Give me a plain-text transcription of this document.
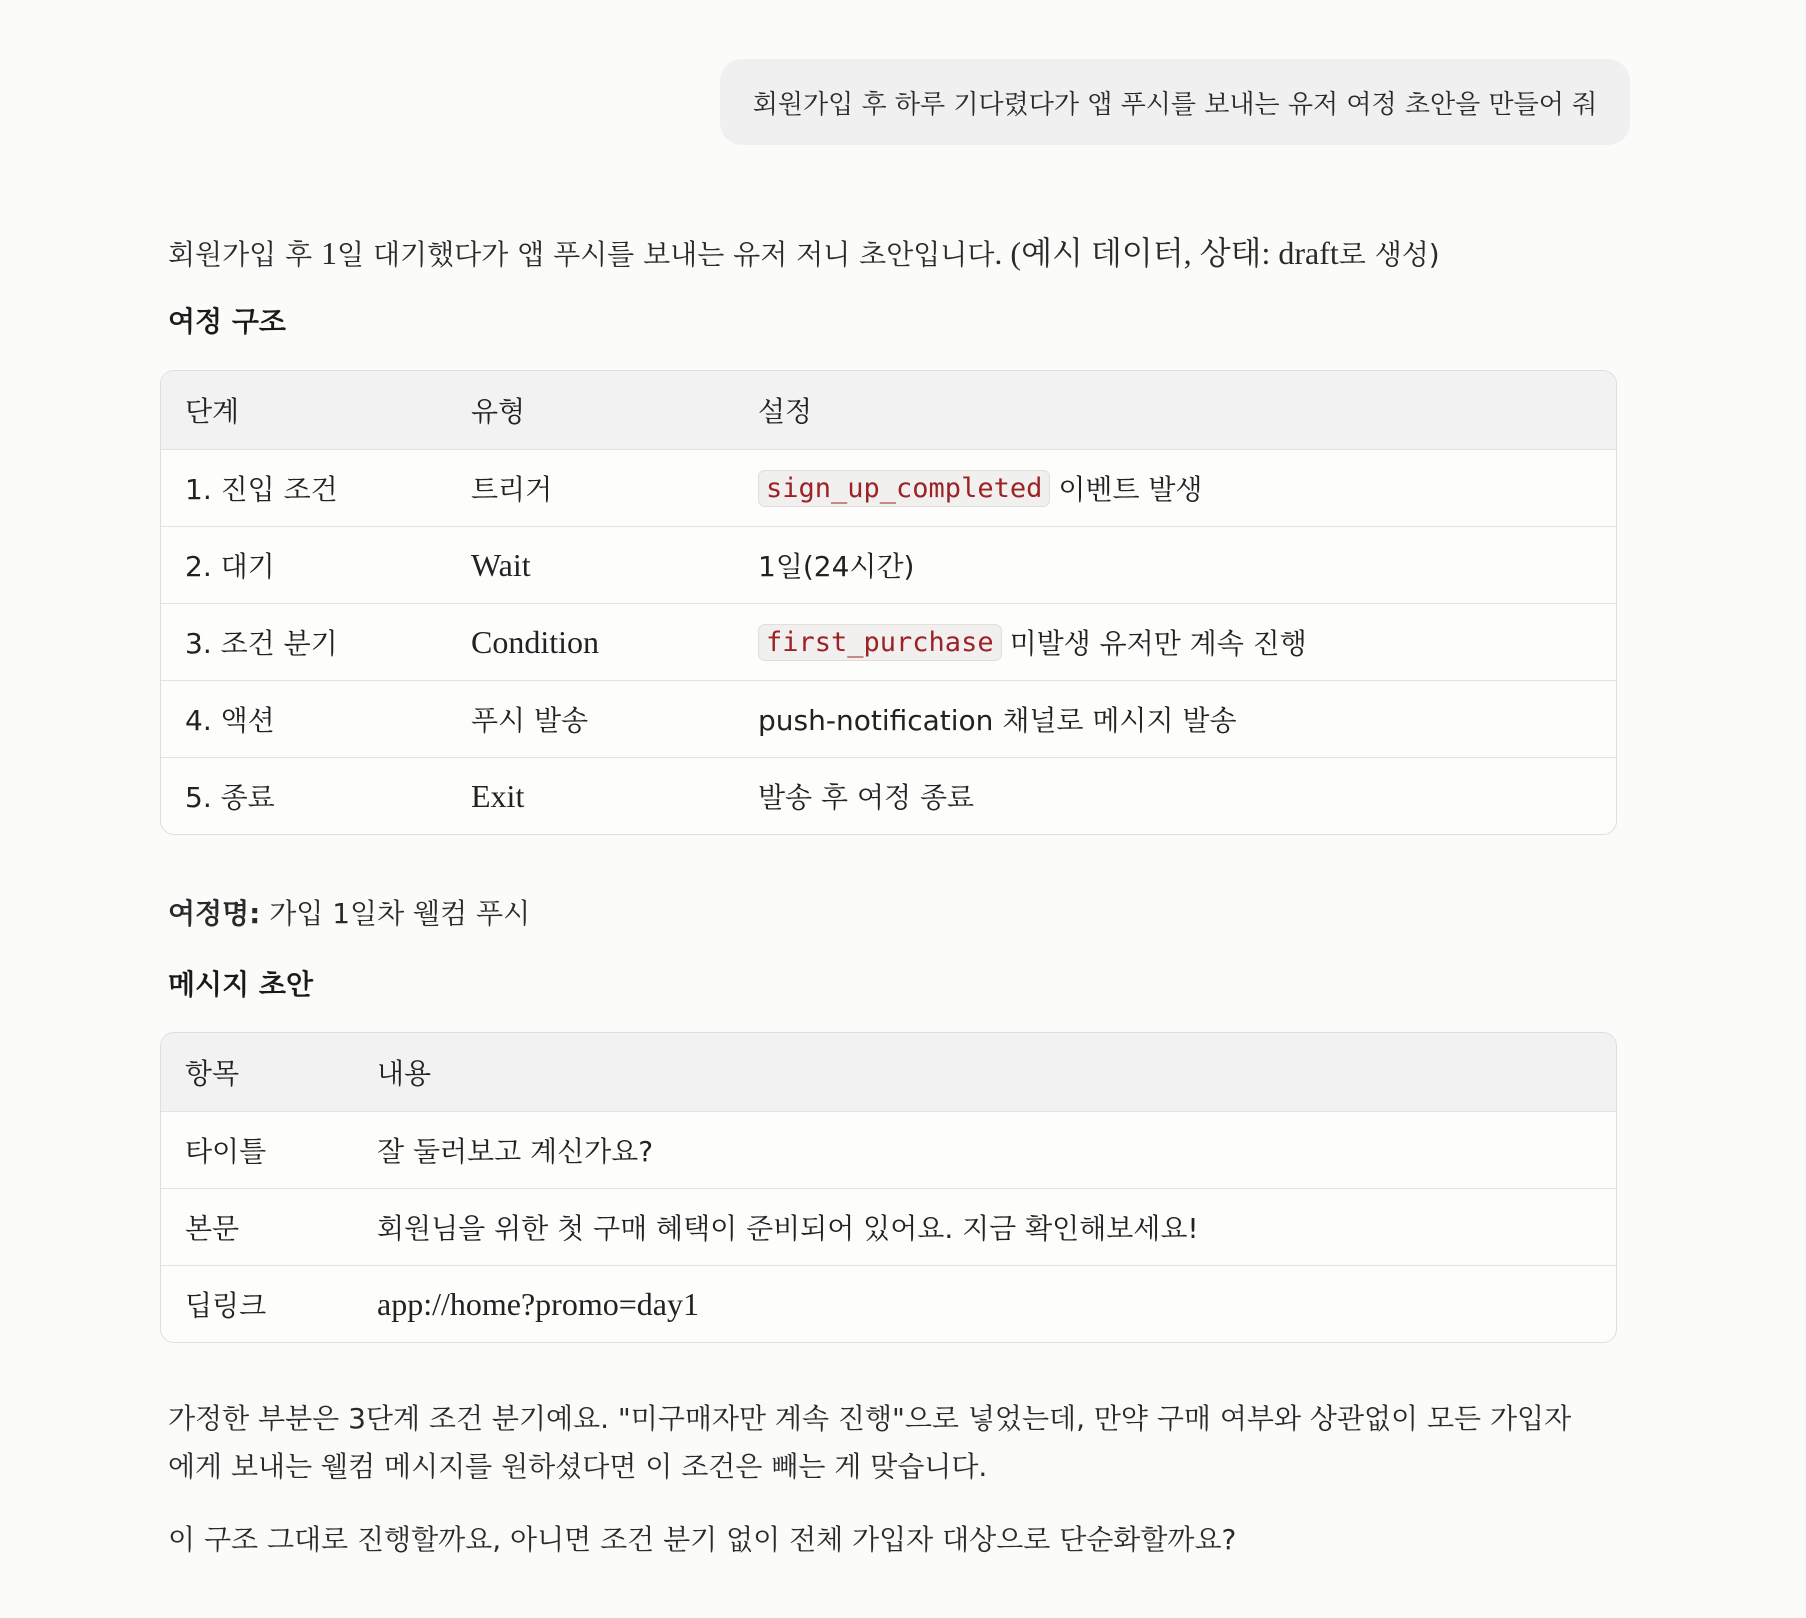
회원가입 후 하루 기다렸다가 앱 푸시를 보내는 유저 여정 초안을 만들어 줘
회원가입 후 1일 대기했다가 앱 푸시를 보내는 유저 저니 초안입니다. (예시 데이터, 상태: draft로 생성)
여정 구조
단계	유형	설정
1. 진입 조건	트리거	sign_up_completed 이벤트 발생
2. 대기	Wait	1일(24시간)
3. 조건 분기	Condition	first_purchase 미발생 유저만 계속 진행
4. 액션	푸시 발송	push-notification 채널로 메시지 발송
5. 종료	Exit	발송 후 여정 종료
여정명: 가입 1일차 웰컴 푸시
메시지 초안
항목	내용
타이틀	잘 둘러보고 계신가요?
본문	회원님을 위한 첫 구매 혜택이 준비되어 있어요. 지금 확인해보세요!
딥링크	app://home?promo=day1
가정한 부분은 3단계 조건 분기예요. "미구매자만 계속 진행"으로 넣었는데, 만약 구매 여부와 상관없이 모든 가입자
에게 보내는 웰컴 메시지를 원하셨다면 이 조건은 빼는 게 맞습니다.
이 구조 그대로 진행할까요, 아니면 조건 분기 없이 전체 가입자 대상으로 단순화할까요?
